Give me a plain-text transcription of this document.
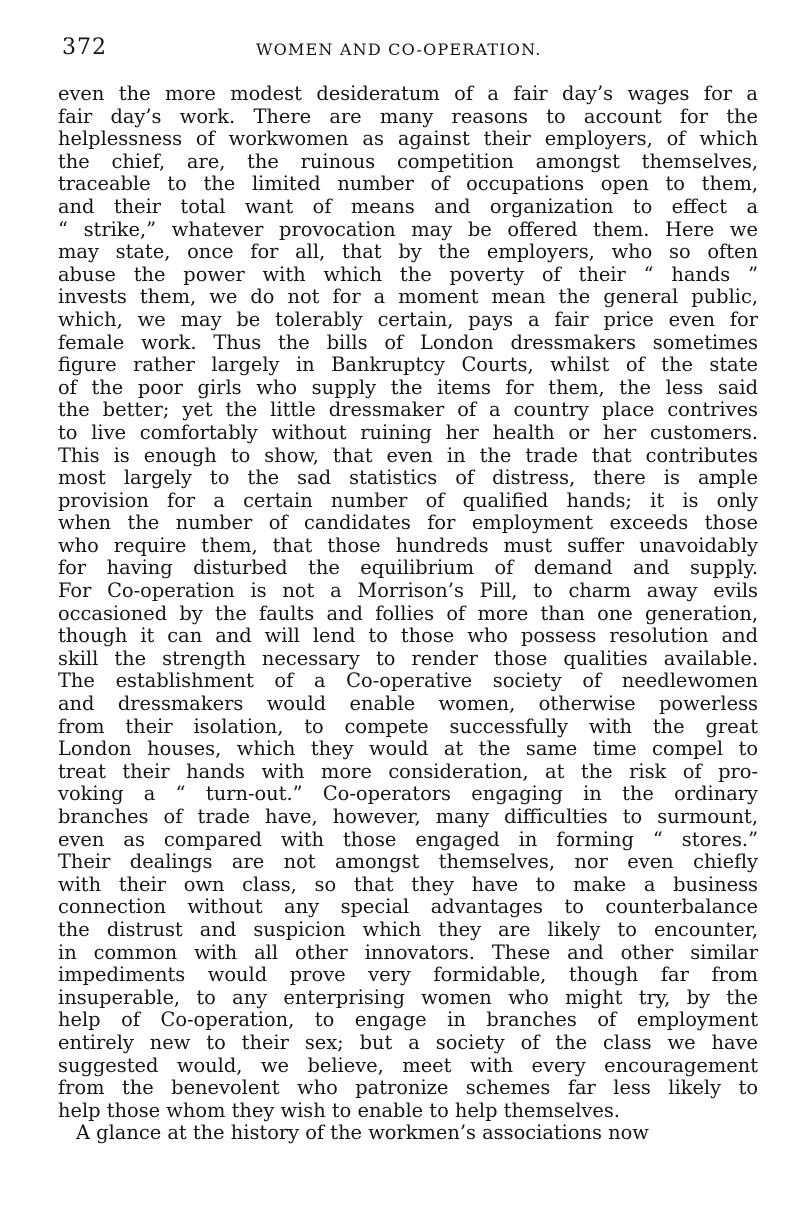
372	WOMEN AND CO-OPERATION.
even the more modest desideratum of a fair day’s wages for a
fair day’s work. There are many reasons to account for the
helplessness of workwomen as against their employers, of which
the chief, are, the ruinous competition amongst themselves,
traceable to the limited number of occupations open to them,
and their total want of means and organization to effect a
“ strike,” whatever provocation may be offered them. Here we
may state, once for all, that by the employers, who so often
abuse the power with which the poverty of their “ hands ”
invests them, we do not for a moment mean the general public,
which, we may be tolerably certain, pays a fair price even for
female work. Thus the bills of London dressmakers sometimes
figure rather largely in Bankruptcy Courts, whilst of the state
of the poor girls who supply the items for them, the less said
the better; yet the little dressmaker of a country place contrives
to live comfortably without ruining her health or her customers.
This is enough to show, that even in the trade that contributes
most largely to the sad statistics of distress, there is ample
provision for a certain number of qualified hands; it is only
when the number of candidates for employment exceeds those
who require them, that those hundreds must suffer unavoidably
for having disturbed the equilibrium of demand and supply.
For Co-operation is not a Morrison’s Pill, to charm away evils
occasioned by the faults and follies of more than one generation,
though it can and will lend to those who possess resolution and
skill the strength necessary to render those qualities available.
The establishment of a Co-operative society of needlewomen
and dressmakers would enable women, otherwise powerless
from their isolation, to compete successfully with the great
London houses, which they would at the same time compel to
treat their hands with more consideration, at the risk of pro-
voking a “ turn-out.” Co-operators engaging in the ordinary
branches of trade have, however, many difficulties to surmount,
even as compared with those engaged in forming “ stores.”
Their dealings are not amongst themselves, nor even chiefly
with their own class, so that they have to make a business
connection without any special advantages to counterbalance
the distrust and suspicion which they are likely to encounter,
in common with all other innovators. These and other similar
impediments would prove very formidable, though far from
insuperable, to any enterprising women who might try, by the
help of Co-operation, to engage in branches of employment
entirely new to their sex; but a society of the class we have
suggested would, we believe, meet with every encouragement
from the benevolent who patronize schemes far less likely to
help those whom they wish to enable to help themselves.
A glance at the history of the workmen’s associations now
